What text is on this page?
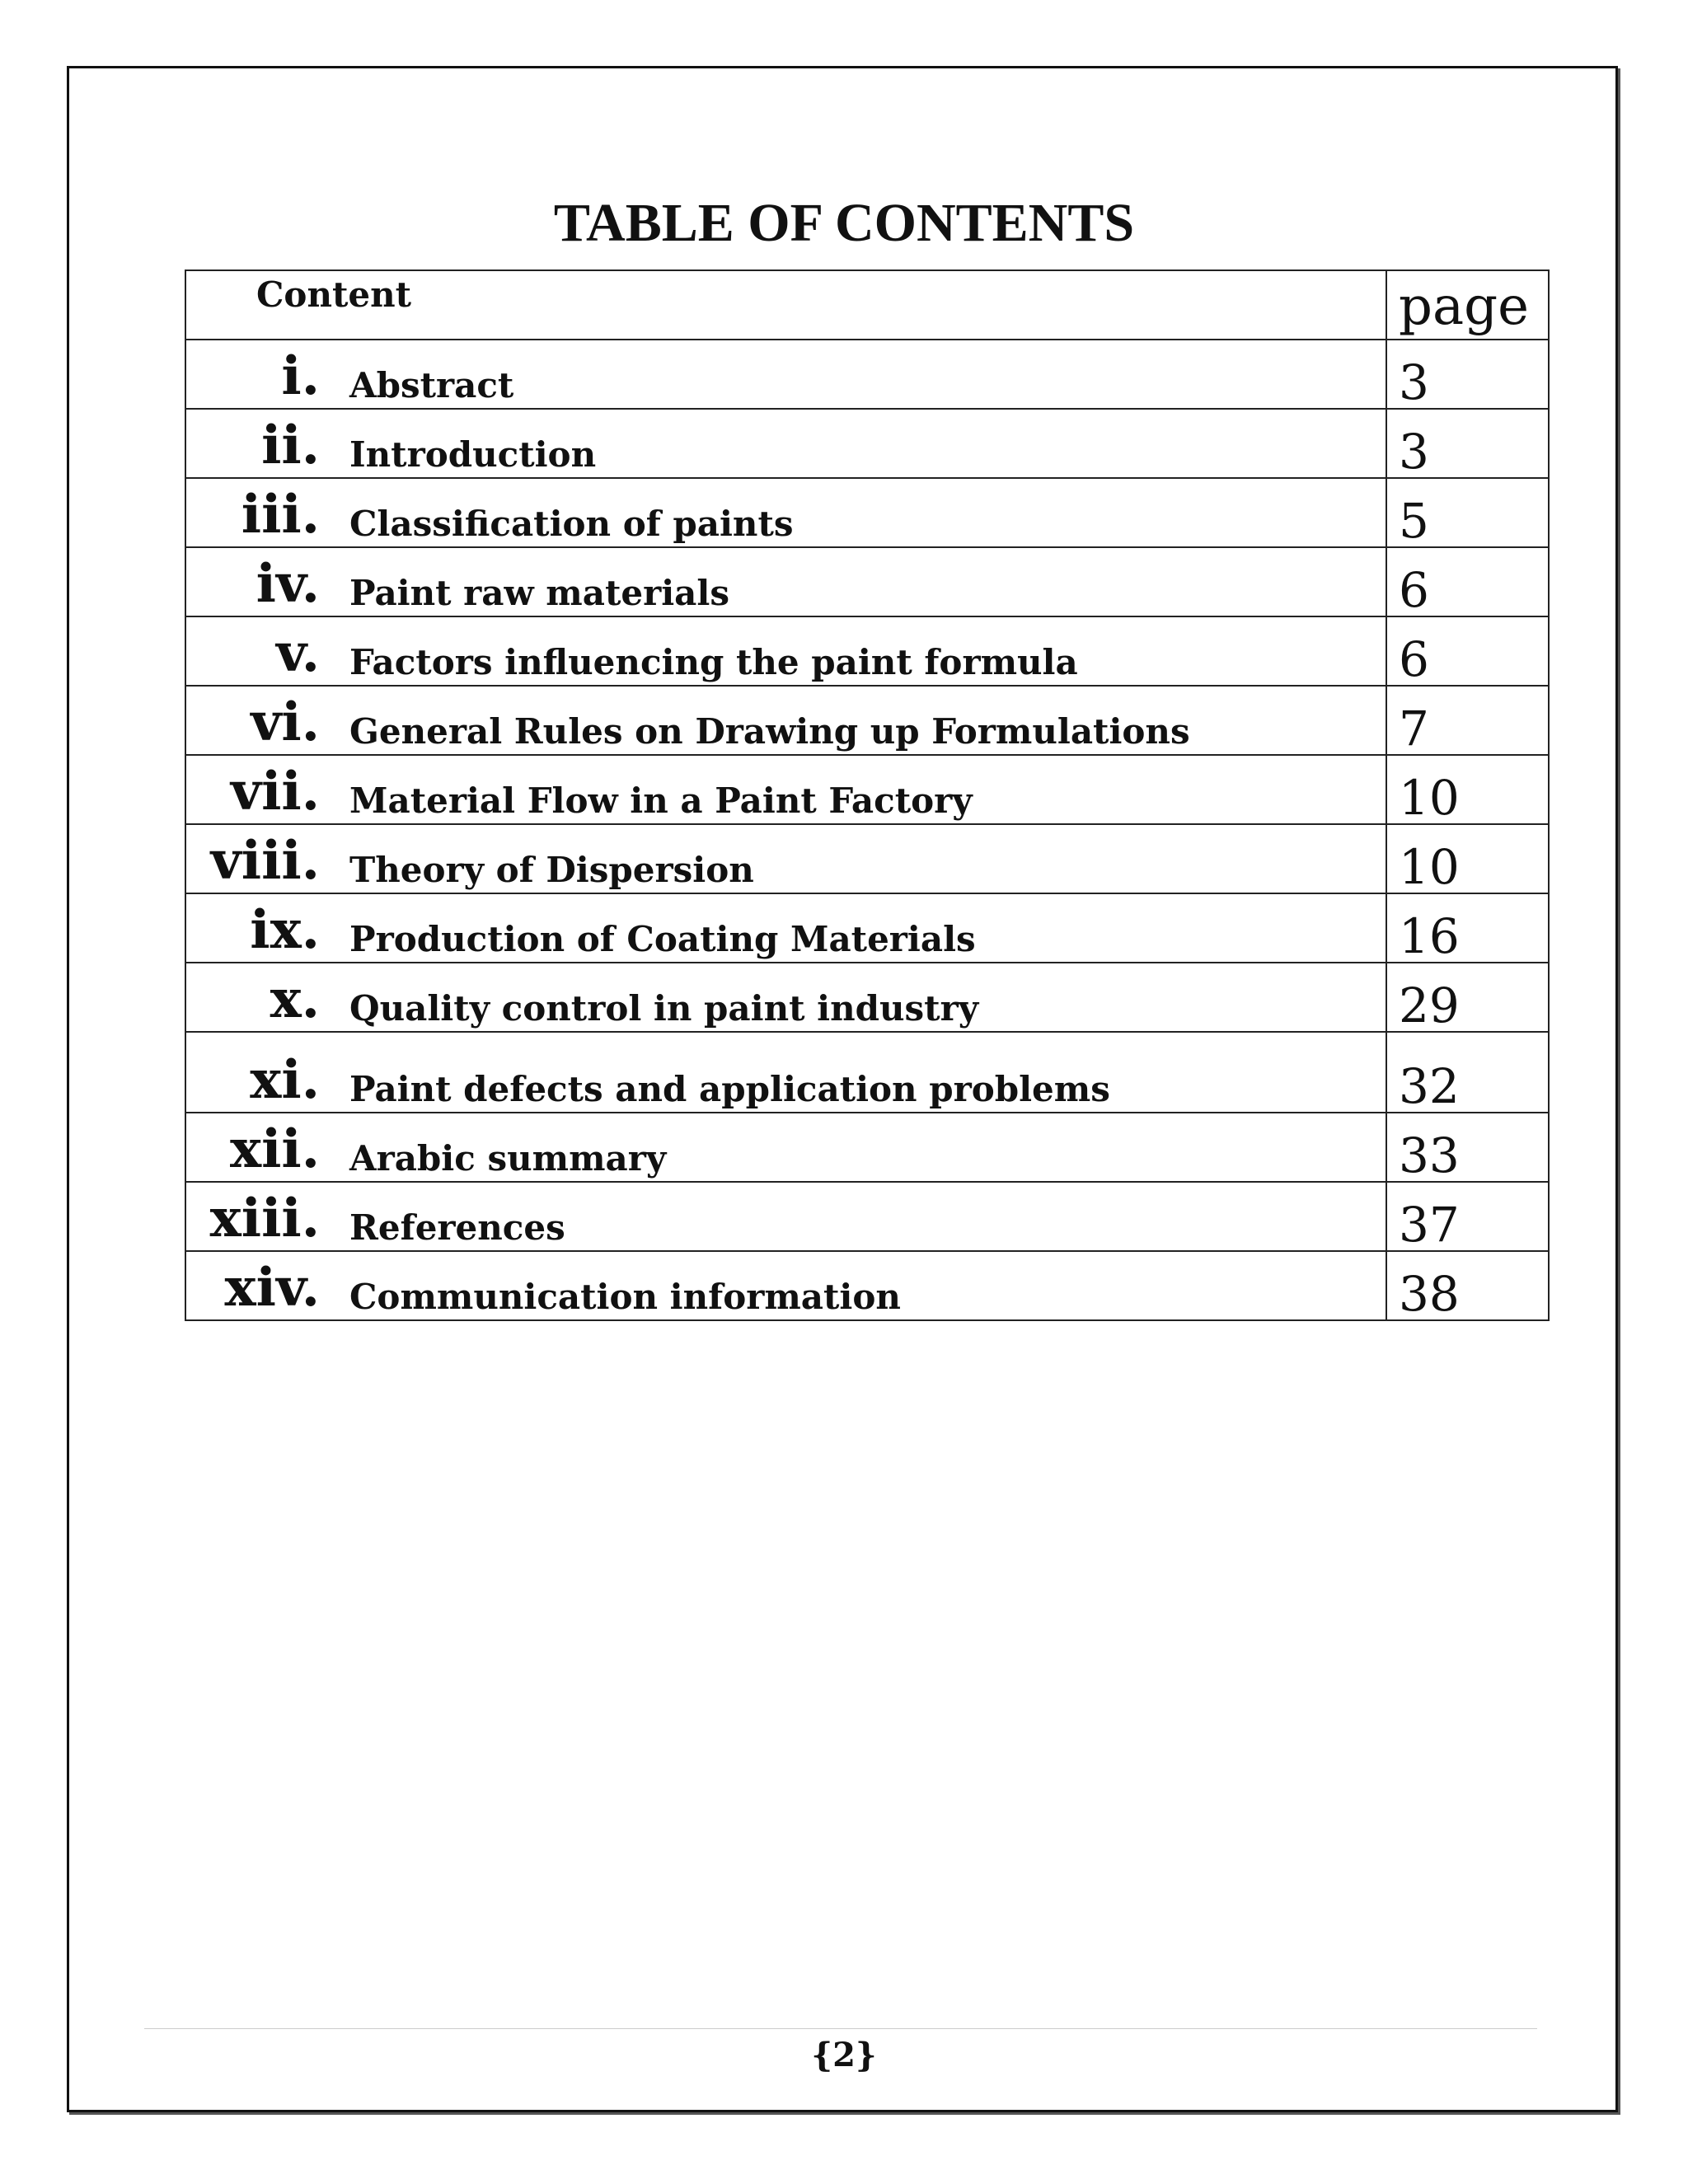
TABLE OF CONTENTS
Content	page

i. Abstract	3

ii. Introduction	3

iii. Classification of paints	5

iv. Paint raw materials	6

v. Factors influencing the paint formula	6

vi. General Rules on Drawing up Formulations	7

vii. Material Flow in a Paint Factory	10

viii. Theory of Dispersion	10

ix. Production of Coating Materials	16

x. Quality control in paint industry	29

xi. Paint defects and application problems	32

xii. Arabic summary	33

xiii. References	37

xiv. Communication information	38
{2}
